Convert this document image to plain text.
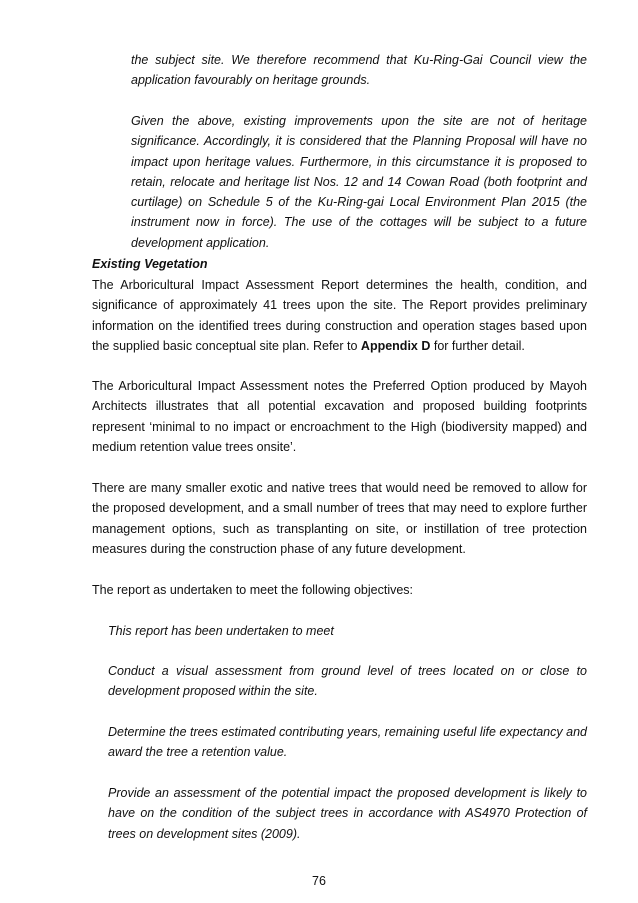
the subject site. We therefore recommend that Ku-Ring-Gai Council view the application favourably on heritage grounds.

Given the above, existing improvements upon the site are not of heritage significance. Accordingly, it is considered that the Planning Proposal will have no impact upon heritage values. Furthermore, in this circumstance it is proposed to retain, relocate and heritage list Nos. 12 and 14 Cowan Road (both footprint and curtilage) on Schedule 5 of the Ku-Ring-gai Local Environment Plan 2015 (the instrument now in force). The use of the cottages will be subject to a future development application.

Existing Vegetation

The Arboricultural Impact Assessment Report determines the health, condition, and significance of approximately 41 trees upon the site. The Report provides preliminary information on the identified trees during construction and operation stages based upon the supplied basic conceptual site plan. Refer to Appendix D for further detail.

The Arboricultural Impact Assessment notes the Preferred Option produced by Mayoh Architects illustrates that all potential excavation and proposed building footprints represent ‘minimal to no impact or encroachment to the High (biodiversity mapped) and medium retention value trees onsite’.

There are many smaller exotic and native trees that would need be removed to allow for the proposed development, and a small number of trees that may need to explore further management options, such as transplanting on site, or instillation of tree protection measures during the construction phase of any future development.

The report as undertaken to meet the following objectives:

This report has been undertaken to meet

Conduct a visual assessment from ground level of trees located on or close to development proposed within the site.

Determine the trees estimated contributing years, remaining useful life expectancy and award the tree a retention value.

Provide an assessment of the potential impact the proposed development is likely to have on the condition of the subject trees in accordance with AS4970 Protection of trees on development sites (2009).

76
